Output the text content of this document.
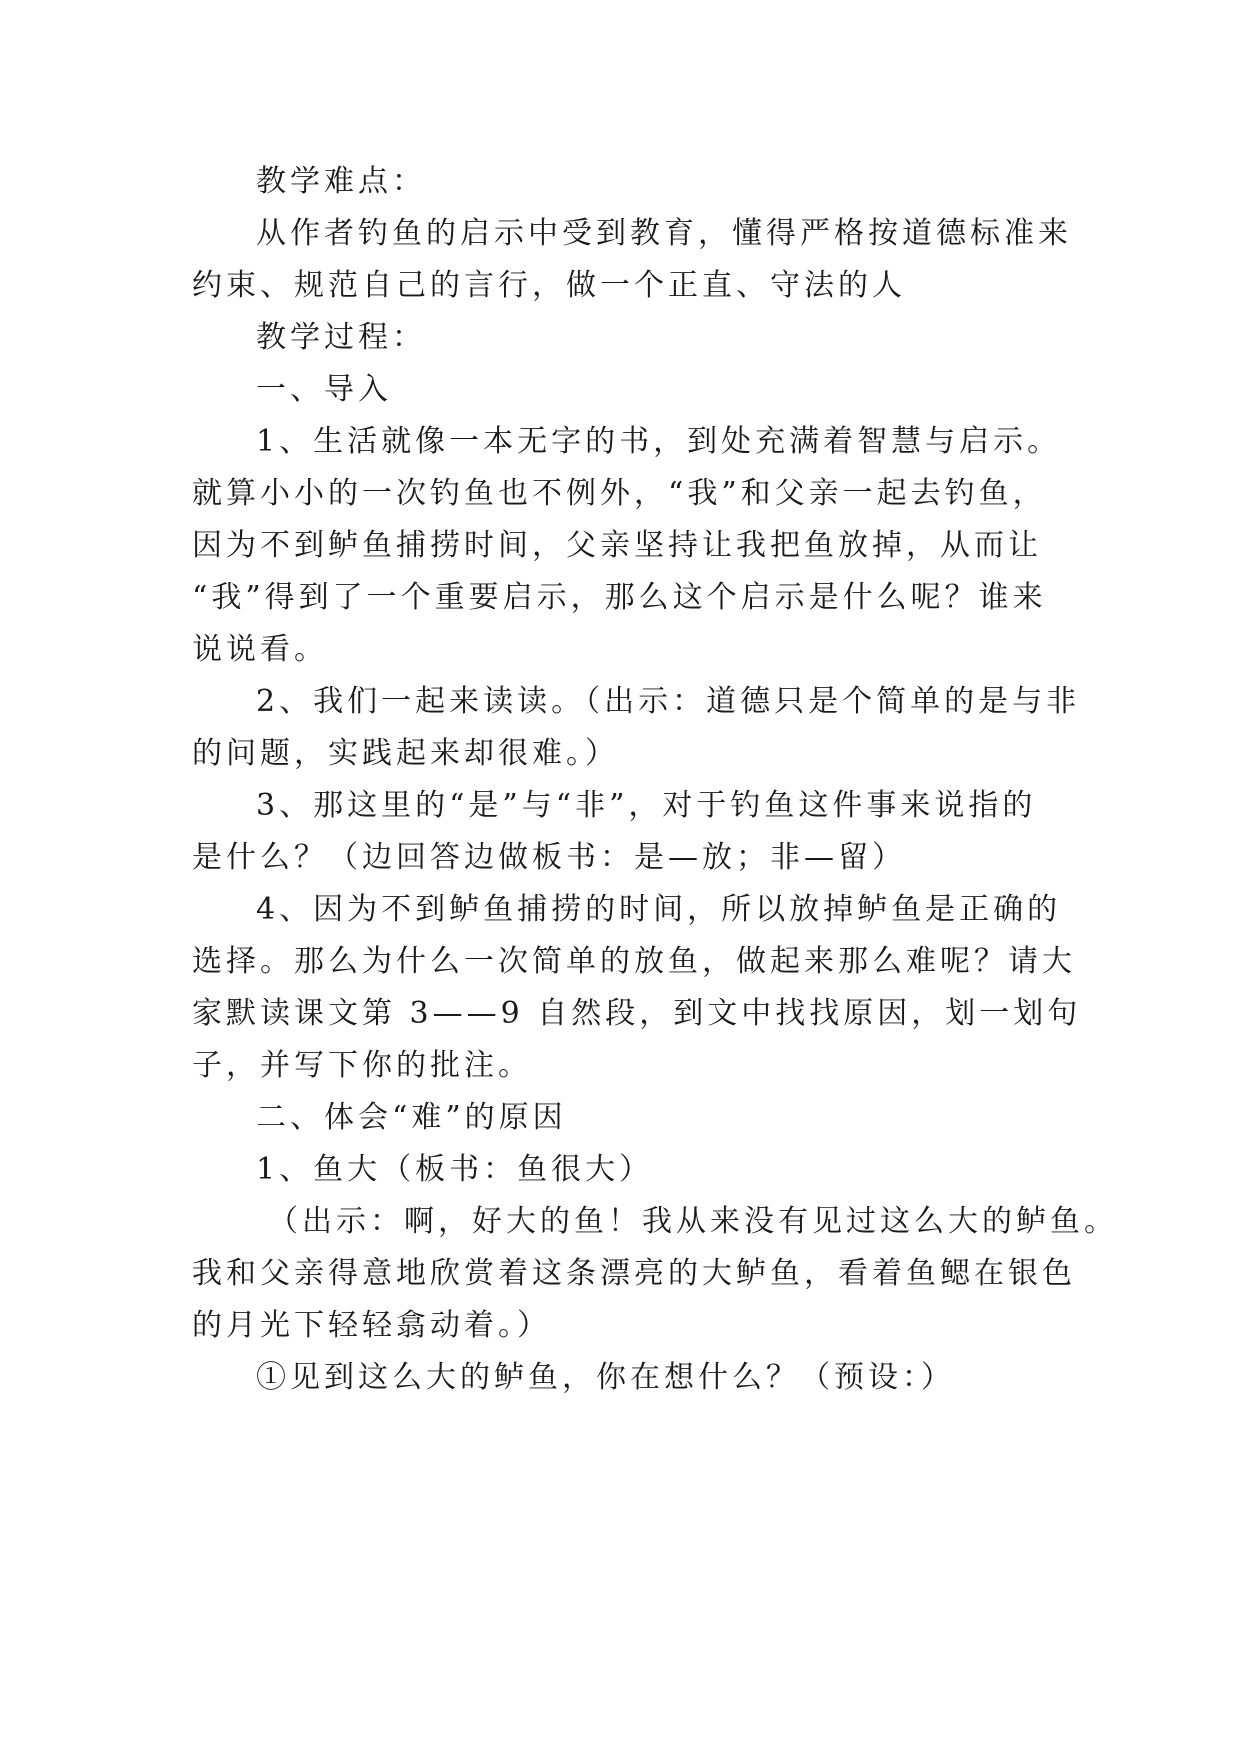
教学难点：
从作者钓鱼的启示中受到教育，懂得严格按道德标准来
约束、规范自己的言行，做一个正直、守法的人
教学过程：
一、导入
1、生活就像一本无字的书，到处充满着智慧与启示。
就算小小的一次钓鱼也不例外，“我”和父亲一起去钓鱼，
因为不到鲈鱼捕捞时间，父亲坚持让我把鱼放掉，从而让
“我”得到了一个重要启示，那么这个启示是什么呢？谁来
说说看。
2、我们一起来读读。（出示：道德只是个简单的是与非
的问题，实践起来却很难。）
3、那这里的“是”与“非”，对于钓鱼这件事来说指的
是什么？（边回答边做板书：是—放；非—留）
4、因为不到鲈鱼捕捞的时间，所以放掉鲈鱼是正确的
选择。那么为什么一次简单的放鱼，做起来那么难呢？请大
家默读课文第 3——9 自然段，到文中找找原因，划一划句
子，并写下你的批注。
二、体会“难”的原因
1、鱼大（板书：鱼很大）
（出示：啊，好大的鱼！我从来没有见过这么大的鲈鱼。
我和父亲得意地欣赏着这条漂亮的大鲈鱼，看着鱼鳃在银色
的月光下轻轻翕动着。）
①见到这么大的鲈鱼，你在想什么？（预设：）
